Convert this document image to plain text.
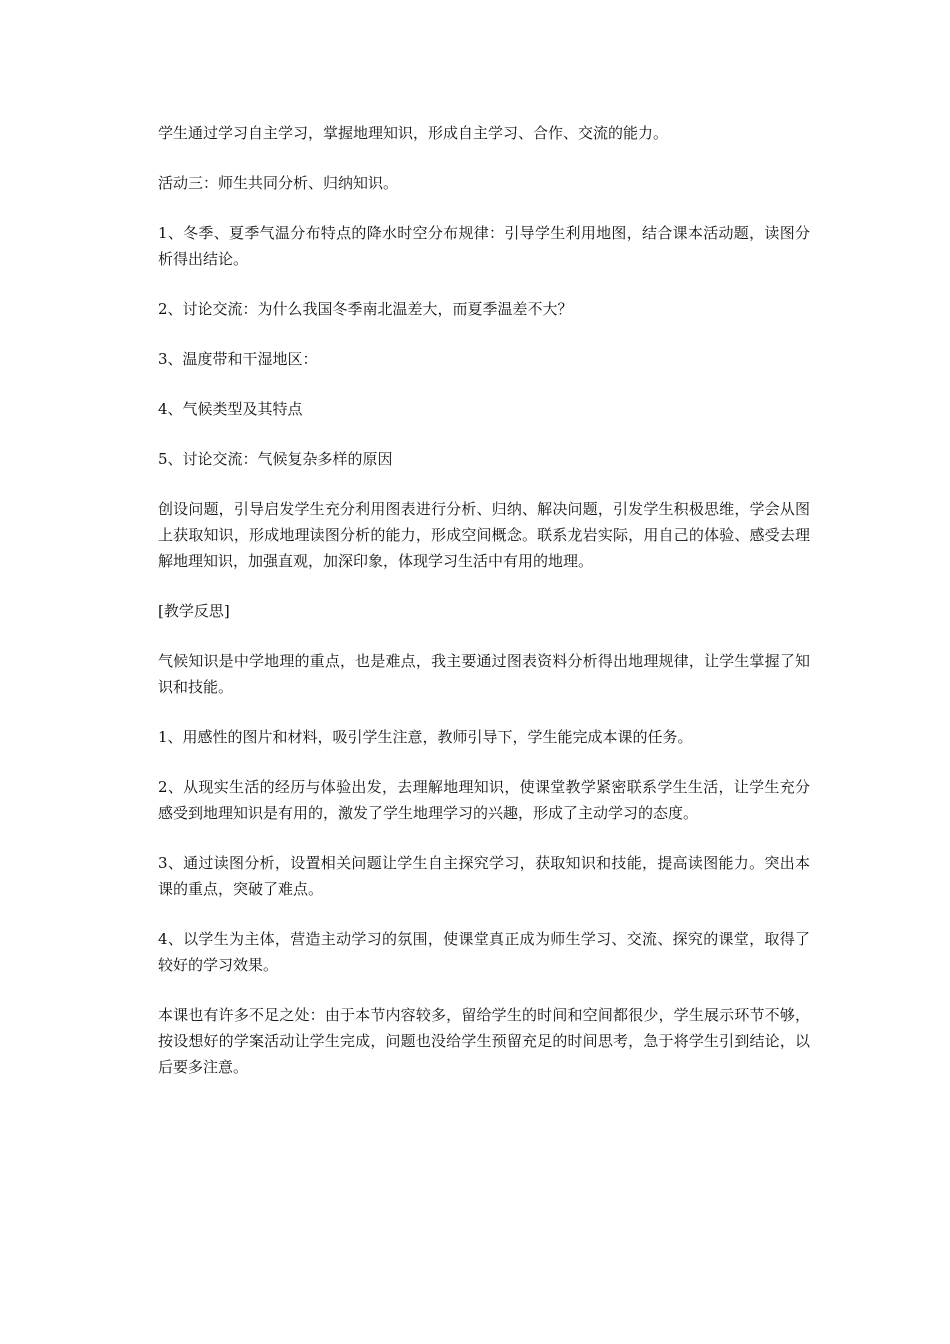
学生通过学习自主学习，掌握地理知识，形成自主学习、合作、交流的能力。

活动三：师生共同分析、归纳知识。

1、冬季、夏季气温分布特点的降水时空分布规律：引导学生利用地图，结合课本活动题，读图分析得出结论。

2、讨论交流：为什么我国冬季南北温差大，而夏季温差不大？

3、温度带和干湿地区：

4、气候类型及其特点

5、讨论交流：气候复杂多样的原因

创设问题，引导启发学生充分利用图表进行分析、归纳、解决问题，引发学生积极思维，学会从图上获取知识，形成地理读图分析的能力，形成空间概念。联系龙岩实际，用自己的体验、感受去理解地理知识，加强直观，加深印象，体现学习生活中有用的地理。

[教学反思]

气候知识是中学地理的重点，也是难点，我主要通过图表资料分析得出地理规律，让学生掌握了知识和技能。

1、用感性的图片和材料，吸引学生注意，教师引导下，学生能完成本课的任务。

2、从现实生活的经历与体验出发，去理解地理知识，使课堂教学紧密联系学生生活，让学生充分感受到地理知识是有用的，激发了学生地理学习的兴趣，形成了主动学习的态度。

3、通过读图分析，设置相关问题让学生自主探究学习，获取知识和技能，提高读图能力。突出本课的重点，突破了难点。

4、以学生为主体，营造主动学习的氛围，使课堂真正成为师生学习、交流、探究的课堂，取得了较好的学习效果。

本课也有许多不足之处：由于本节内容较多，留给学生的时间和空间都很少，学生展示环节不够，按设想好的学案活动让学生完成，问题也没给学生预留充足的时间思考，急于将学生引到结论，以后要多注意。
